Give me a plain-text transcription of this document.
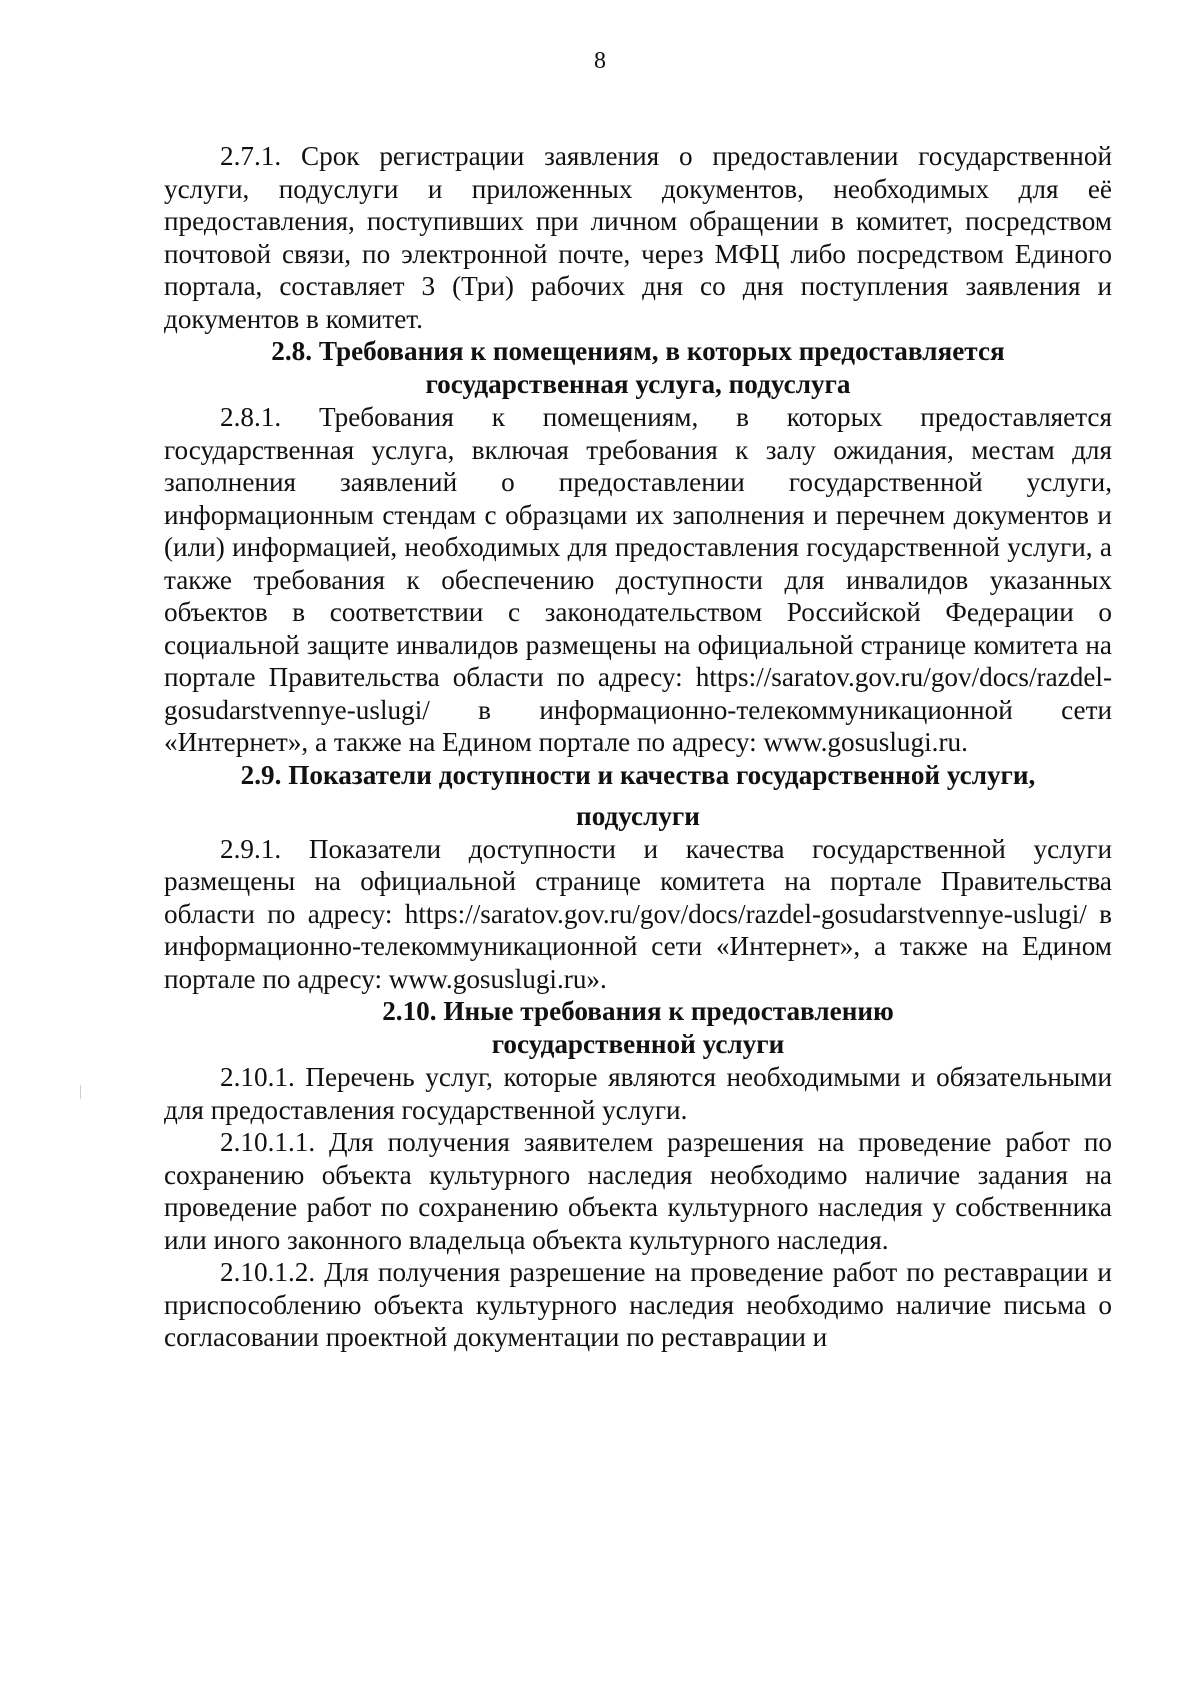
8

2.7.1. Срок регистрации заявления о предоставлении государственной услуги, подуслуги и приложенных документов, необходимых для её предоставления, поступивших при личном обращении в комитет, посредством почтовой связи, по электронной почте, через МФЦ либо посредством Единого портала, составляет 3 (Три) рабочих дня со дня поступления заявления и документов в комитет.

2.8. Требования к помещениям, в которых предоставляется
государственная услуга, подуслуга

2.8.1. Требования к помещениям, в которых предоставляется государственная услуга, включая требования к залу ожидания, местам для заполнения заявлений о предоставлении государственной услуги, информационным стендам с образцами их заполнения и перечнем документов и (или) информацией, необходимых для предоставления государственной услуги, а также требования к обеспечению доступности для инвалидов указанных объектов в соответствии с законодательством Российской Федерации о социальной защите инвалидов размещены на официальной странице комитета на портале Правительства области по адресу: https://saratov.gov.ru/gov/docs/razdel-gosudarstvennye-uslugi/ в информационно-телекоммуникационной сети «Интернет», а также на Едином портале по адресу: www.gosuslugi.ru.

2.9. Показатели доступности и качества государственной услуги,
подуслуги

2.9.1. Показатели доступности и качества государственной услуги размещены на официальной странице комитета на портале Правительства области по адресу: https://saratov.gov.ru/gov/docs/razdel-gosudarstvennye-uslugi/ в информационно-телекоммуникационной сети «Интернет», а также на Едином портале по адресу: www.gosuslugi.ru».

2.10. Иные требования к предоставлению
государственной услуги

2.10.1. Перечень услуг, которые являются необходимыми и обязательными для предоставления государственной услуги.

2.10.1.1. Для получения заявителем разрешения на проведение работ по сохранению объекта культурного наследия необходимо наличие задания на проведение работ по сохранению объекта культурного наследия у собственника или иного законного владельца объекта культурного наследия.

2.10.1.2. Для получения разрешение на проведение работ по реставрации и приспособлению объекта культурного наследия необходимо наличие письма о согласовании проектной документации по реставрации и
